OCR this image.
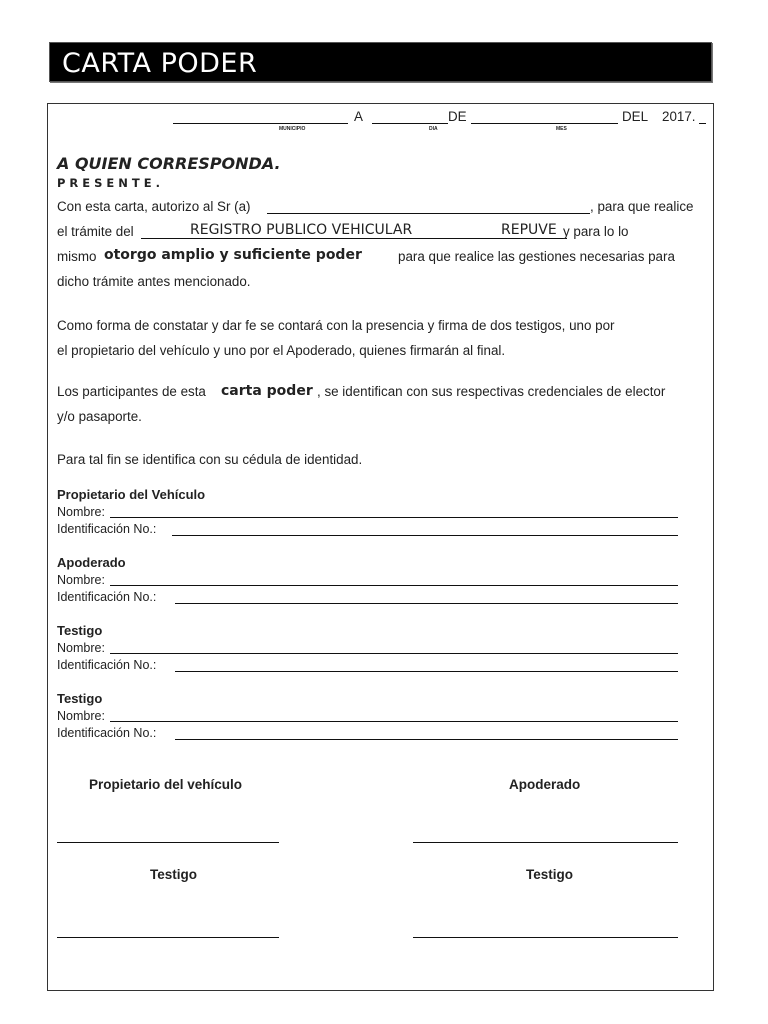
CARTA PODER
MUNICIPIO
A
DIA
DE
MES
DEL 2017.
A QUIEN CORRESPONDA.
P R E S E N T E .
Con esta carta, autorizo al Sr (a)	, para que realice
el trámite del	REGISTRO PUBLICO VEHICULAR	REPUVE y para lo lo
mismo otorgo amplio y suficiente poder	para que realice las gestiones necesarias para
dicho trámite antes mencionado.
Como forma de constatar y dar fe se contará con la presencia y firma de dos testigos, uno por
el propietario del vehículo y uno por el Apoderado, quienes firmarán al final.
Los participantes de esta carta poder , se identifican con sus respectivas credenciales de elector
y/o pasaporte.
Para tal fin se identifica con su cédula de identidad.
Propietario del Vehículo
Nombre:
Identificación No.:
Apoderado
Nombre:
Identificación No.:
Testigo
Nombre:
Identificación No.:
Testigo
Nombre:
Identificación No.:
Propietario del vehículo	Apoderado
Testigo	Testigo
